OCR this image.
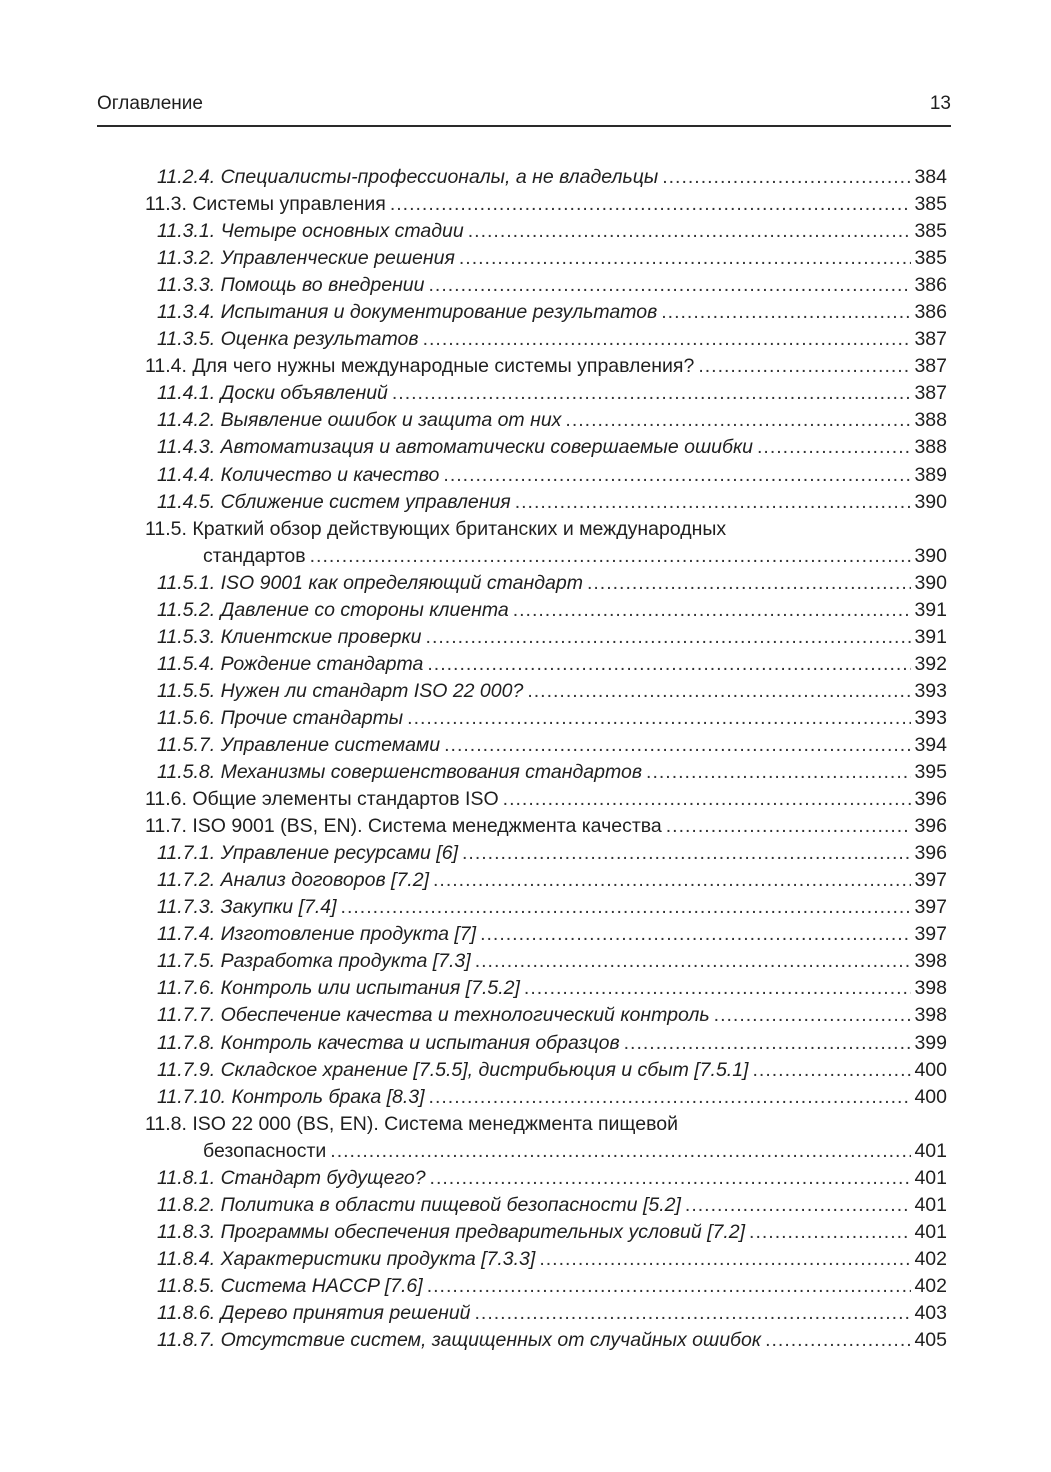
Оглавление	13
11.2.4. Специалисты-профессионалы, а не владельцы .....	384
11.3. Системы управления .....	385
11.3.1. Четыре основных стадии .....	385
11.3.2. Управленческие решения .....	385
11.3.3. Помощь во внедрении .....	386
11.3.4. Испытания и документирование результатов .....	386
11.3.5. Оценка результатов .....	387
11.4. Для чего нужны международные системы управления? .....	387
11.4.1. Доски объявлений .....	387
11.4.2. Выявление ошибок и защита от них .....	388
11.4.3. Автоматизация и автоматически совершаемые ошибки .....	388
11.4.4. Количество и качество .....	389
11.4.5. Сближение систем управления .....	390
11.5. Краткий обзор действующих британских и международных
стандартов .....	390
11.5.1. ISO 9001 как определяющий стандарт .....	390
11.5.2. Давление со стороны клиента .....	391
11.5.3. Клиентские проверки .....	391
11.5.4. Рождение стандарта .....	392
11.5.5. Нужен ли стандарт ISO 22 000? .....	393
11.5.6. Прочие стандарты .....	393
11.5.7. Управление системами .....	394
11.5.8. Механизмы совершенствования стандартов .....	395
11.6. Общие элементы стандартов ISO .....	396
11.7. ISO 9001 (BS, EN). Система менеджмента качества .....	396
11.7.1. Управление ресурсами [6] .....	396
11.7.2. Анализ договоров [7.2] .....	397
11.7.3. Закупки [7.4] .....	397
11.7.4. Изготовление продукта [7] .....	397
11.7.5. Разработка продукта [7.3] .....	398
11.7.6. Контроль или испытания [7.5.2] .....	398
11.7.7. Обеспечение качества и технологический контроль .....	398
11.7.8. Контроль качества и испытания образцов .....	399
11.7.9. Складское хранение [7.5.5], дистрибьюция и сбыт [7.5.1] .....	400
11.7.10. Контроль брака [8.3] .....	400
11.8. ISO 22 000 (BS, EN). Система менеджмента пищевой
безопасности .....	401
11.8.1. Стандарт будущего? .....	401
11.8.2. Политика в области пищевой безопасности [5.2] .....	401
11.8.3. Программы обеспечения предварительных условий [7.2] .....	401
11.8.4. Характеристики продукта [7.3.3] .....	402
11.8.5. Система HACCP [7.6] .....	402
11.8.6. Дерево принятия решений .....	403
11.8.7. Отсутствие систем, защищенных от случайных ошибок .....	405
